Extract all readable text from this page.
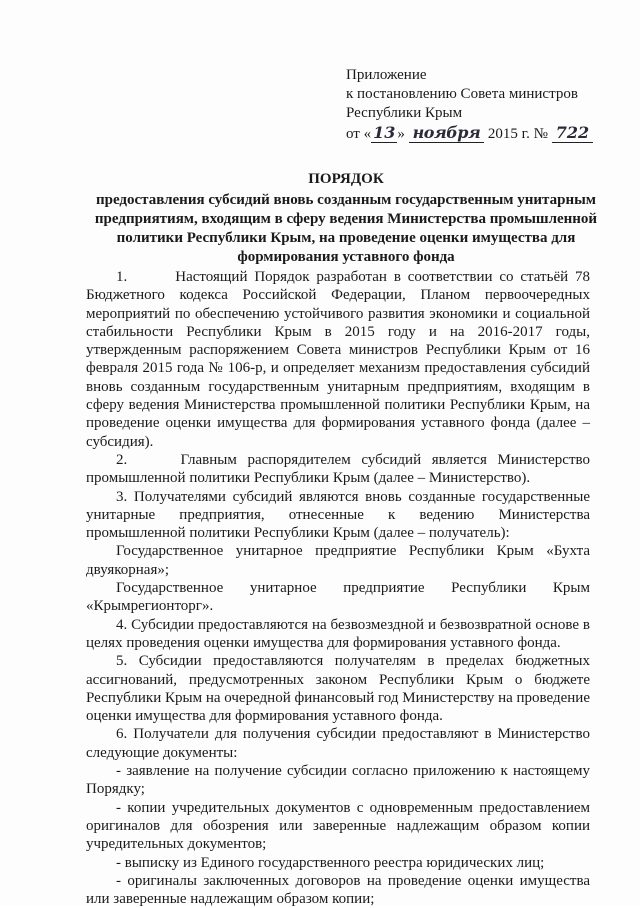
Приложение
к постановлению Совета министров
Республики Крым
от « 13 » ноября 2015 г. № 722
ПОРЯДОК
предоставления субсидий вновь созданным государственным унитарным предприятиям, входящим в сферу ведения Министерства промышленной политики Республики Крым, на проведение оценки имущества для формирования уставного фонда

1.       Настоящий Порядок разработан в соответствии со статьёй 78 Бюджетного кодекса Российской Федерации, Планом первоочередных мероприятий по обеспечению устойчивого развития экономики и социальной стабильности Республики Крым в 2015 году и на 2016-2017 годы, утвержденным распоряжением Совета министров Республики Крым от 16 февраля 2015 года № 106-р, и определяет механизм предоставления субсидий вновь созданным государственным унитарным предприятиям, входящим в сферу ведения Министерства промышленной политики Республики Крым, на проведение оценки имущества для формирования уставного фонда (далее – субсидия).

2.     Главным распорядителем субсидий является Министерство промышленной политики Республики Крым (далее – Министерство).

3. Получателями субсидий являются вновь созданные государственные унитарные предприятия, отнесенные к ведению Министерства промышленной политики Республики Крым (далее – получатель):

Государственное унитарное предприятие Республики Крым «Бухта двуякорная»;

Государственное унитарное предприятие Республики Крым «Крымрегионторг».

4. Субсидии предоставляются на безвозмездной и безвозвратной основе в целях проведения оценки имущества для формирования уставного фонда.

5. Субсидии предоставляются получателям в пределах бюджетных ассигнований, предусмотренных законом Республики Крым о бюджете Республики Крым на очередной финансовый год Министерству на проведение оценки имущества для формирования уставного фонда.

6. Получатели для получения субсидии предоставляют в Министерство следующие документы:

- заявление на получение субсидии согласно приложению к настоящему Порядку;

- копии учредительных документов с одновременным предоставлением оригиналов для обозрения или заверенные надлежащим образом копии учредительных документов;

- выписку из Единого государственного реестра юридических лиц;

- оригиналы заключенных договоров на проведение оценки имущества или заверенные надлежащим образом копии;
